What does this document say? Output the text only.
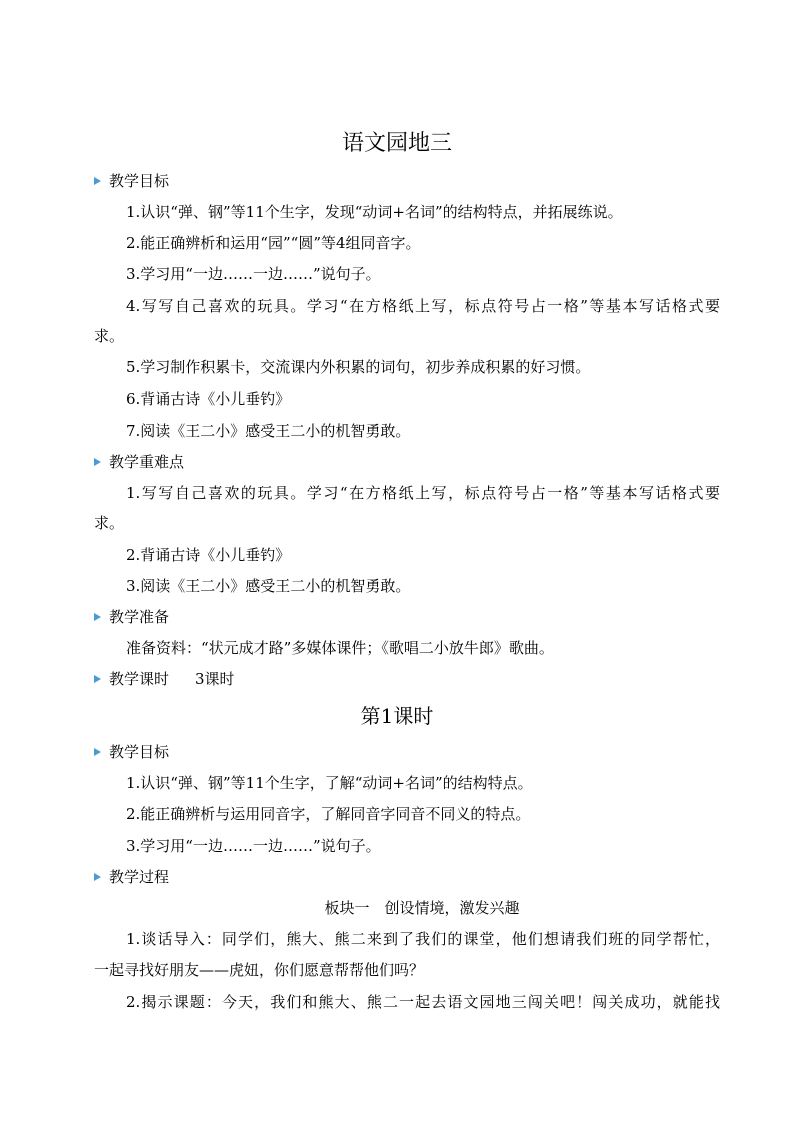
语文园地三
教学目标
1.认识“弹、钢”等11个生字，发现“动词+名词”的结构特点，并拓展练说。
2.能正确辨析和运用“园”“圆”等4组同音字。
3.学习用“一边……一边……”说句子。
4.写写自己喜欢的玩具。学习“在方格纸上写，标点符号占一格”等基本写话格式要
求。
5.学习制作积累卡，交流课内外积累的词句，初步养成积累的好习惯。
6.背诵古诗《小儿垂钓》
7.阅读《王二小》感受王二小的机智勇敢。
教学重难点
1.写写自己喜欢的玩具。学习“在方格纸上写，标点符号占一格”等基本写话格式要
求。
2.背诵古诗《小儿垂钓》
3.阅读《王二小》感受王二小的机智勇敢。
教学准备
准备资料：“状元成才路”多媒体课件；《歌唱二小放牛郎》歌曲。
教学课时 3课时
第1课时
教学目标
1.认识“弹、钢”等11个生字，了解“动词+名词”的结构特点。
2.能正确辨析与运用同音字，了解同音字同音不同义的特点。
3.学习用“一边……一边……”说句子。
教学过程
板块一　创设情境，激发兴趣
1.谈话导入：同学们，熊大、熊二来到了我们的课堂，他们想请我们班的同学帮忙，
一起寻找好朋友——虎妞，你们愿意帮帮他们吗？
2.揭示课题：今天，我们和熊大、熊二一起去语文园地三闯关吧！闯关成功，就能找
